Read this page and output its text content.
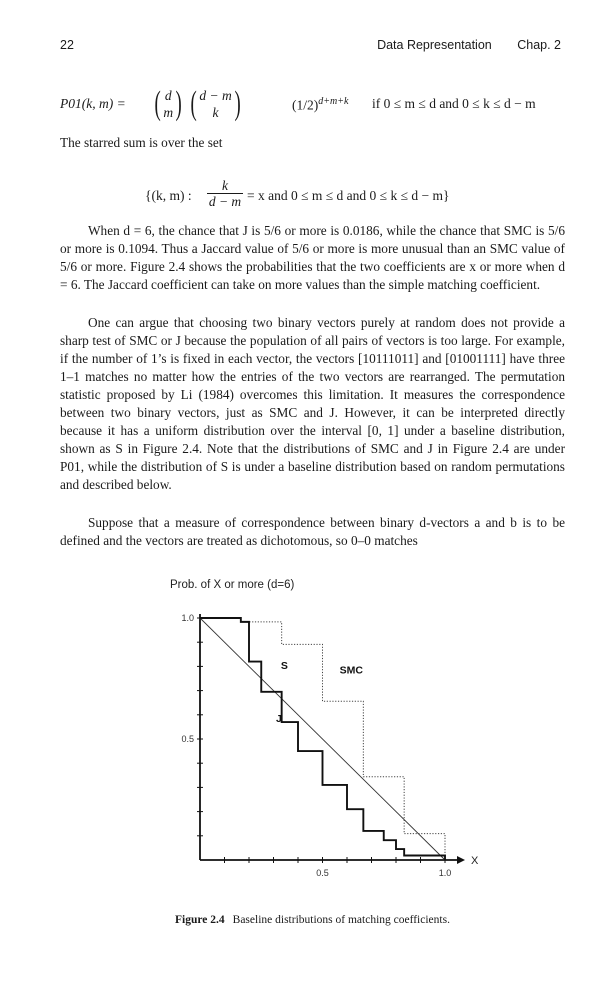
22	Data Representation Chap. 2
P01(k, m) = ( d
m ) ( d − m
k )	$(1/2)^{d+m+k}$ if 0 ≤ m ≤ d and 0 ≤ k ≤ d − m

The starred sum is over the set

{(k, m) : $\frac{k}{d - m} = x$ and 0 ≤ m ≤ d and 0 ≤ k ≤ d − m}

When d = 6, the chance that J is 5/6 or more is 0.0186, while the chance that SMC is 5/6 or more is 0.1094. Thus a Jaccard value of 5/6 or more is more unusual than an SMC value of 5/6 or more. Figure 2.4 shows the probabilities that the two coefficients are x or more when d = 6. The Jaccard coefficient can take on more values than the simple matching coefficient.

One can argue that choosing two binary vectors purely at random does not provide a sharp test of SMC or J because the population of all pairs of vectors is too large. For example, if the number of 1’s is fixed in each vector, the vectors [10111011] and [01001111] have three 1–1 matches no matter how the entries of the two vectors are rearranged. The permutation statistic proposed by Li (1984) overcomes this limitation. It measures the correspondence between two binary vectors, just as SMC and J. However, it can be interpreted directly because it has a uniform distribution over the interval [0, 1] under a baseline distribution, shown as S in Figure 2.4. Note that the distributions of SMC and J in Figure 2.4 are under P01, while the distribution of S is under a baseline distribution based on random permutations and described below.

Suppose that a measure of correspondence between binary d-vectors a and b is to be defined and the vectors are treated as dichotomous, so 0–0 matches

Prob. of X or more (d=6)
0.5	1.0
1.0
0.5
X
S	SMC
J
Figure 2.4 Baseline distributions of matching coefficients.
